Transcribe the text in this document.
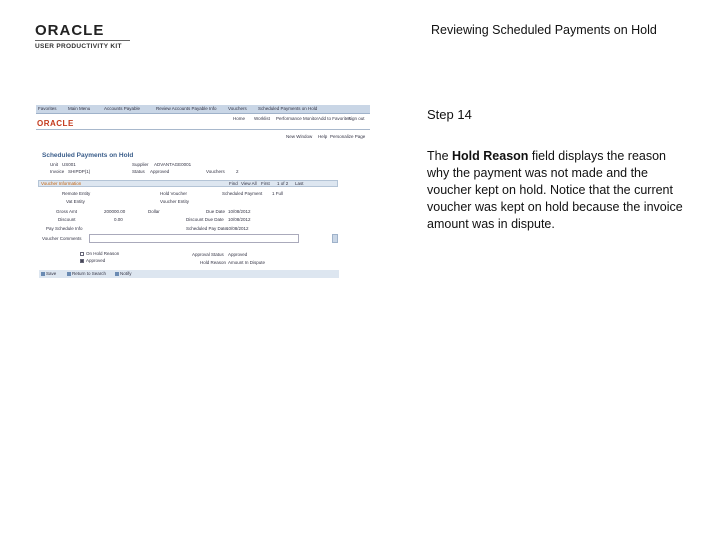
ORACLE
USER PRODUCTIVITY KIT
Reviewing Scheduled Payments on Hold
Step 14
The Hold Reason field displays the reason why the payment was not made and the voucher kept on hold. Notice that the current voucher was kept on hold because the invoice amount was in dispute.
Favorites	Main Menu	Accounts Payable	Review Accounts Payable Info	Vouchers Scheduled Payments on Hold
ORACLE
Home Worklist Performance Monitor Add to Favorites
Sign out
New Window Help Personalize Page
Scheduled Payments on Hold
Unit US001	Supplier ADVANTAGE0001
Invoice SHIPDP(1)	Status Approved	Vouchers 2
Voucher Information	Find View All First 1 of 2 Last
Remote Entity	Hold Voucher	Scheduled Payment 1 Full
Vat Entity	Voucher Entity
Gross Amt	200000.00	Dollar	Due Date 10/08/2012
Discount	0.00	Discount Due Date 10/08/2012
Pay Schedule Info	Scheduled Pay Date
10/08/2012
Voucher Comments
On Hold Reason
Approved
Approval Status Approved
Hold Reason Amount In Dispute
Save	Return to Search	Notify
